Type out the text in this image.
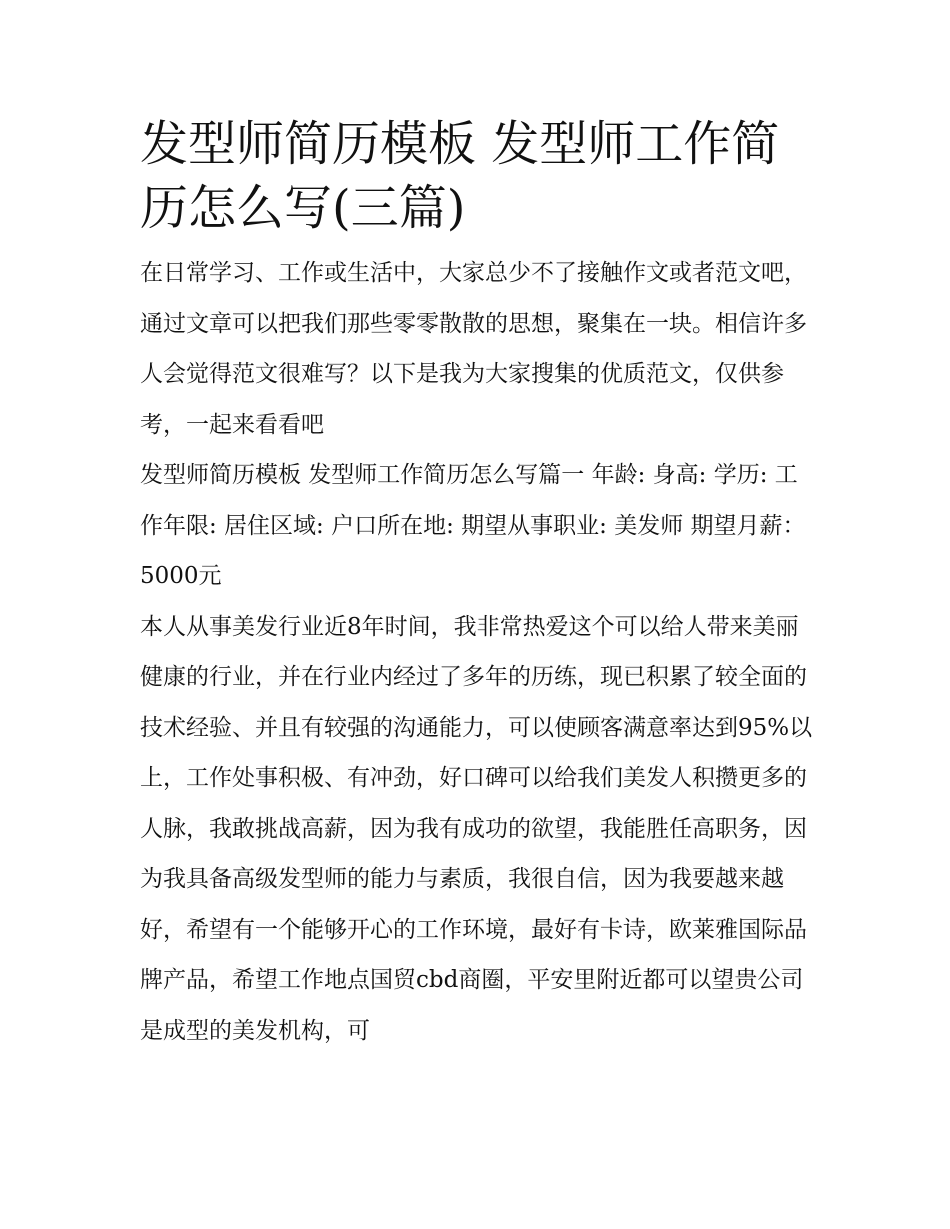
发型师简历模板 发型师工作简历怎么写(三篇)

在日常学习、工作或生活中，大家总少不了接触作文或者范文吧，通过文章可以把我们那些零零散散的思想，聚集在一块。相信许多人会觉得范文很难写？以下是我为大家搜集的优质范文，仅供参考，一起来看看吧

发型师简历模板 发型师工作简历怎么写篇一 年龄: 身高: 学历: 工作年限: 居住区域: 户口所在地: 期望从事职业: 美发师 期望月薪：5000元

本人从事美发行业近8年时间，我非常热爱这个可以给人带来美丽健康的行业，并在行业内经过了多年的历练，现已积累了较全面的技术经验、并且有较强的沟通能力，可以使顾客满意率达到95%以上，工作处事积极、有冲劲，好口碑可以给我们美发人积攒更多的人脉，我敢挑战高薪，因为我有成功的欲望，我能胜任高职务，因为我具备高级发型师的能力与素质，我很自信，因为我要越来越好，希望有一个能够开心的工作环境，最好有卡诗，欧莱雅国际品牌产品，希望工作地点国贸cbd商圈，平安里附近都可以望贵公司是成型的美发机构，可
